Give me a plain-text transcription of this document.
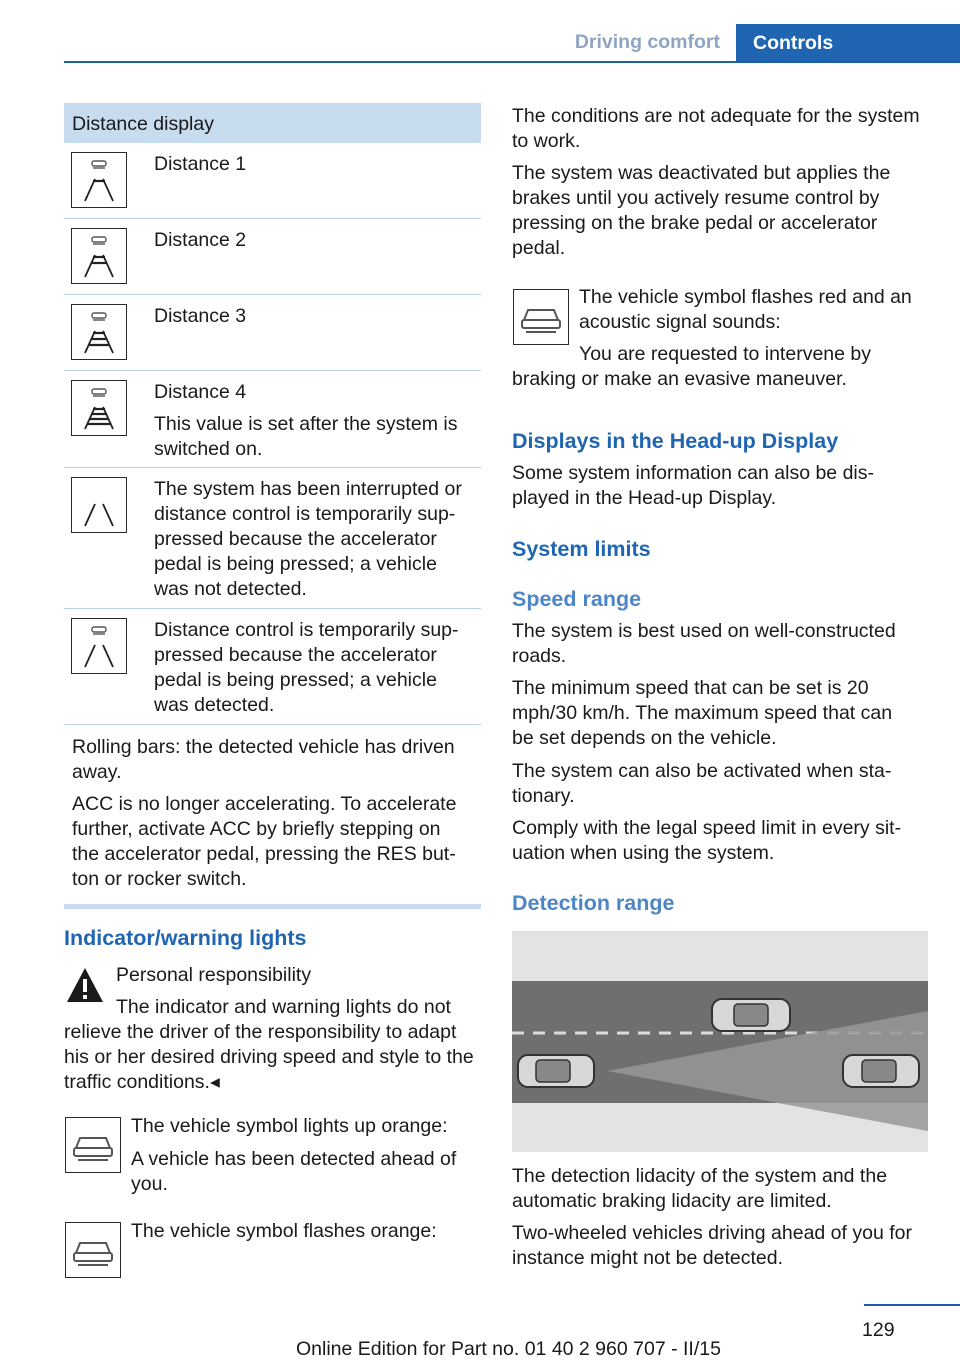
Driving comfort	Controls
Distance display

Distance 1

Distance 2

Distance 3

Distance 4

This value is set after the system is switched on.

The system has been interrupted or distance control is temporarily suppressed because the accelerator pedal is being pressed; a vehicle was not detected.

Distance control is temporarily suppressed because the accelerator pedal is being pressed; a vehicle was detected.

Rolling bars: the detected vehicle has driven away.

ACC is no longer accelerating. To accelerate further, activate ACC by briefly stepping on the accelerator pedal, pressing the RES button or rocker switch.

Indicator/warning lights
Personal responsibility
The indicator and warning lights do not relieve the driver of the responsibility to adapt his or her desired driving speed and style to the traffic conditions.◂
The vehicle symbol lights up orange:
A vehicle has been detected ahead of you.
The vehicle symbol flashes orange:
The conditions are not adequate for the system to work.
The system was deactivated but applies the brakes until you actively resume control by pressing on the brake pedal or accelerator pedal.
The vehicle symbol flashes red and an acoustic signal sounds:
You are requested to intervene by braking or make an evasive maneuver.
Displays in the Head-up Display
Some system information can also be displayed in the Head-up Display.
System limits
Speed range
The system is best used on well-constructed roads.
The minimum speed that can be set is 20 mph/30 km/h. The maximum speed that can be set depends on the vehicle.
The system can also be activated when stationary.
Comply with the legal speed limit in every situation when using the system.
Detection range
The detection lidacity of the system and the automatic braking lidacity are limited.
Two-wheeled vehicles driving ahead of you for instance might not be detected.
129
Online Edition for Part no. 01 40 2 960 707 - II/15
